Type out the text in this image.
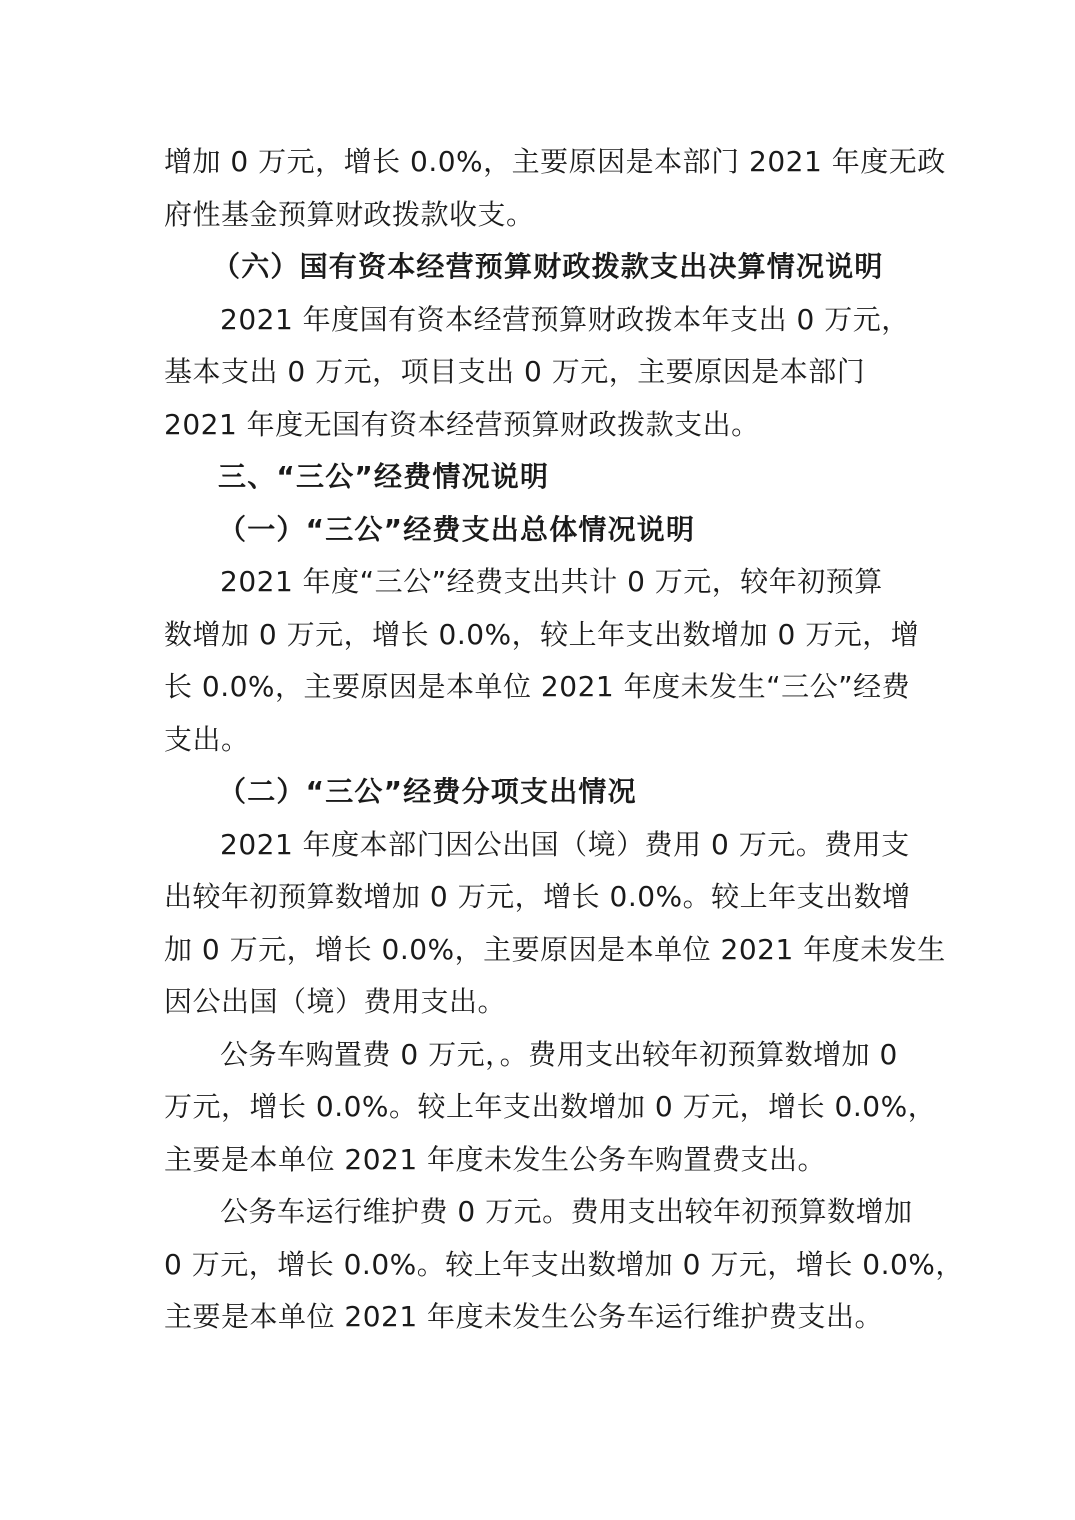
增加 0 万元，增长 0.0%，主要原因是本部门 2021 年度无政
府性基金预算财政拨款收支。
（六）国有资本经营预算财政拨款支出决算情况说明
2021 年度国有资本经营预算财政拨本年支出 0 万元，
基本支出 0 万元，项目支出 0 万元，主要原因是本部门
2021 年度无国有资本经营预算财政拨款支出。
三、“三公”经费情况说明
（一）“三公”经费支出总体情况说明
2021 年度“三公”经费支出共计 0 万元，较年初预算
数增加 0 万元，增长 0.0%，较上年支出数增加 0 万元，增
长 0.0%，主要原因是本单位 2021 年度未发生“三公”经费
支出。
（二）“三公”经费分项支出情况
2021 年度本部门因公出国（境）费用 0 万元。费用支
出较年初预算数增加 0 万元，增长 0.0%。较上年支出数增
加 0 万元，增长 0.0%，主要原因是本单位 2021 年度未发生
因公出国（境）费用支出。
公务车购置费 0 万元，。费用支出较年初预算数增加 0
万元，增长 0.0%。较上年支出数增加 0 万元，增长 0.0%，
主要是本单位 2021 年度未发生公务车购置费支出。
公务车运行维护费 0 万元。费用支出较年初预算数增加
0 万元，增长 0.0%。较上年支出数增加 0 万元，增长 0.0%，
主要是本单位 2021 年度未发生公务车运行维护费支出。
